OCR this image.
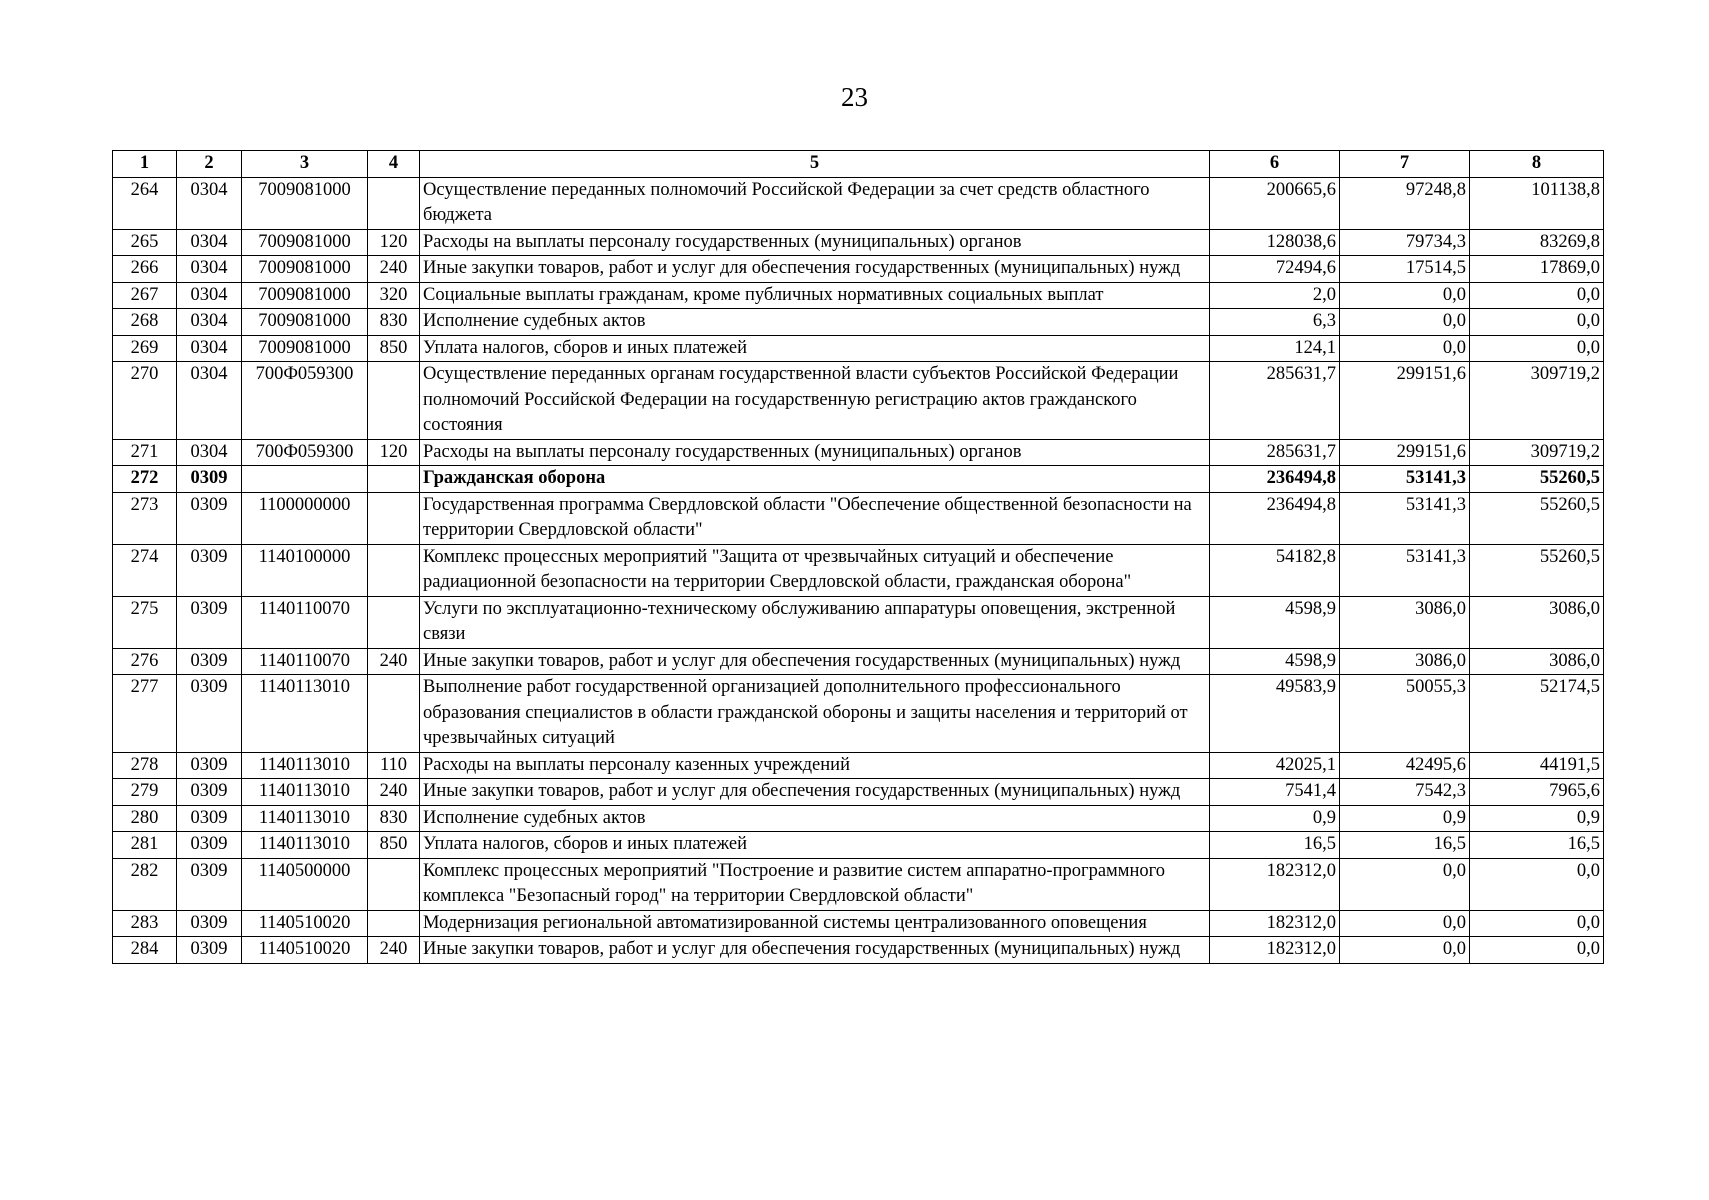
23
1	2	3	4	5	6	7	8
264	0304	7009081000		Осуществление переданных полномочий Российской Федерации за счет средств областного бюджета	200665,6	97248,8	101138,8
265	0304	7009081000	120	Расходы на выплаты персоналу государственных (муниципальных) органов	128038,6	79734,3	83269,8
266	0304	7009081000	240	Иные закупки товаров, работ и услуг для обеспечения государственных (муниципальных) нужд	72494,6	17514,5	17869,0
267	0304	7009081000	320	Социальные выплаты гражданам, кроме публичных нормативных социальных выплат	2,0	0,0	0,0
268	0304	7009081000	830	Исполнение судебных актов	6,3	0,0	0,0
269	0304	7009081000	850	Уплата налогов, сборов и иных платежей	124,1	0,0	0,0
270	0304	700Ф059300		Осуществление переданных органам государственной власти субъектов Российской Федерации полномочий Российской Федерации на государственную регистрацию актов гражданского состояния	285631,7	299151,6	309719,2
271	0304	700Ф059300	120	Расходы на выплаты персоналу государственных (муниципальных) органов	285631,7	299151,6	309719,2
272	0309			Гражданская оборона	236494,8	53141,3	55260,5
273	0309	1100000000		Государственная программа Свердловской области "Обеспечение общественной безопасности на территории Свердловской области"	236494,8	53141,3	55260,5
274	0309	1140100000		Комплекс процессных мероприятий "Защита от чрезвычайных ситуаций и обеспечение радиационной безопасности на территории Свердловской области, гражданская оборона"	54182,8	53141,3	55260,5
275	0309	1140110070		Услуги по эксплуатационно-техническому обслуживанию аппаратуры оповещения, экстренной связи	4598,9	3086,0	3086,0
276	0309	1140110070	240	Иные закупки товаров, работ и услуг для обеспечения государственных (муниципальных) нужд	4598,9	3086,0	3086,0
277	0309	1140113010		Выполнение работ государственной организацией дополнительного профессионального образования специалистов в области гражданской обороны и защиты населения и территорий от чрезвычайных ситуаций	49583,9	50055,3	52174,5
278	0309	1140113010	110	Расходы на выплаты персоналу казенных учреждений	42025,1	42495,6	44191,5
279	0309	1140113010	240	Иные закупки товаров, работ и услуг для обеспечения государственных (муниципальных) нужд	7541,4	7542,3	7965,6
280	0309	1140113010	830	Исполнение судебных актов	0,9	0,9	0,9
281	0309	1140113010	850	Уплата налогов, сборов и иных платежей	16,5	16,5	16,5
282	0309	1140500000		Комплекс процессных мероприятий "Построение и развитие систем аппаратно-программного комплекса "Безопасный город" на территории Свердловской области"	182312,0	0,0	0,0
283	0309	1140510020		Модернизация региональной автоматизированной системы централизованного оповещения	182312,0	0,0	0,0
284	0309	1140510020	240	Иные закупки товаров, работ и услуг для обеспечения государственных (муниципальных) нужд	182312,0	0,0	0,0
